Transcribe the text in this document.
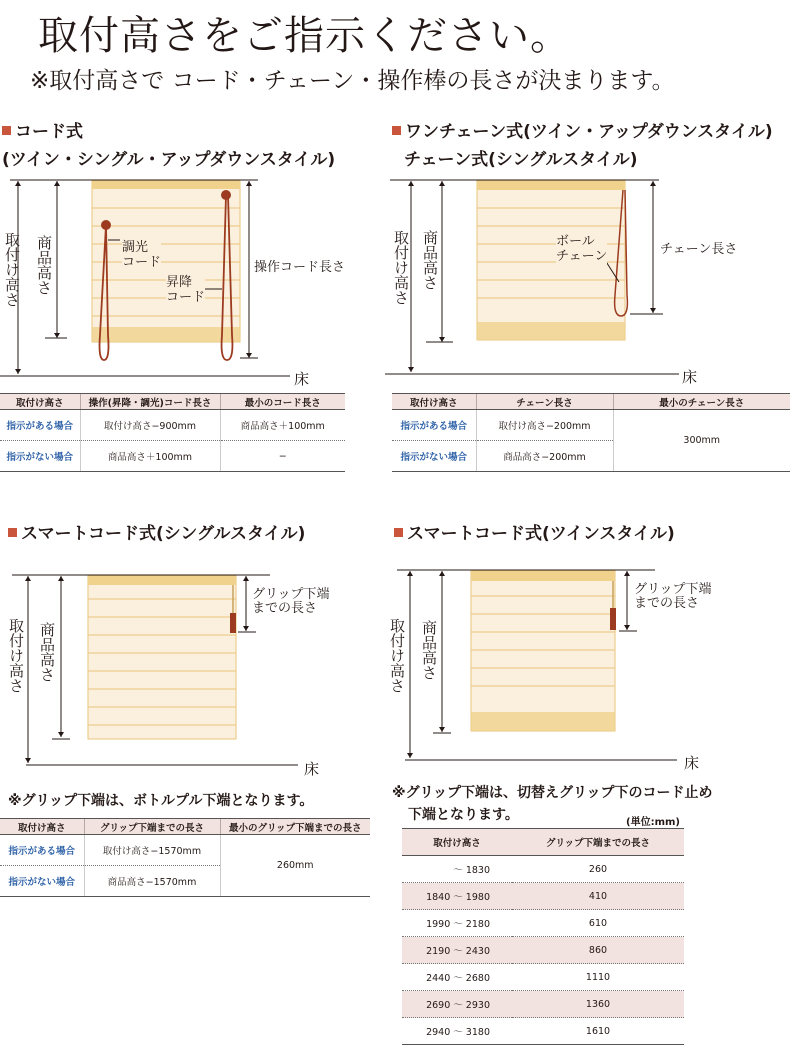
取付高さをご指示ください。
※取付高さで コード・チェーン・操作棒の長さが決まります。
コード式
(ツイン・シングル・アップダウンスタイル)
取付け高さ 商品高さ	調光
コード
昇降
コード
操作コード長さ
床
取付け高さ	操作(昇降・調光)コード長さ	最小のコード長さ
指示がある場合	取付け高さ−900mm	商品高さ＋100mm
指示がない場合	商品高さ＋100mm	−
ワンチェーン式(ツイン・アップダウンスタイル)
チェーン式(シングルスタイル)
取付け高さ 商品高さ	ボール
チェーン	チェーン長さ
床
取付け高さ	チェーン長さ	最小のチェーン長さ
指示がある場合	取付け高さ−200mm	300mm
指示がない場合	商品高さ−200mm	
スマートコード式(シングルスタイル)
取付け高さ 商品高さ
グリップ下端
までの長さ
床
※グリップ下端は、ボトルプル下端となります。
取付け高さ	グリップ下端までの長さ	最小のグリップ下端までの長さ
指示がある場合	取付け高さ−1570mm	260mm
指示がない場合	商品高さ−1570mm	
スマートコード式(ツインスタイル)
取付け高さ 商品高さ
グリップ下端
までの長さ
床
※グリップ下端は、切替えグリップ下のコード止め
下端となります。	(単位:mm)
取付け高さ	グリップ下端までの長さ
〜 1830	260
1840 〜 1980	410
1990 〜 2180	610
2190 〜 2430	860
2440 〜 2680	1110
2690 〜 2930	1360
2940 〜 3180	1610
